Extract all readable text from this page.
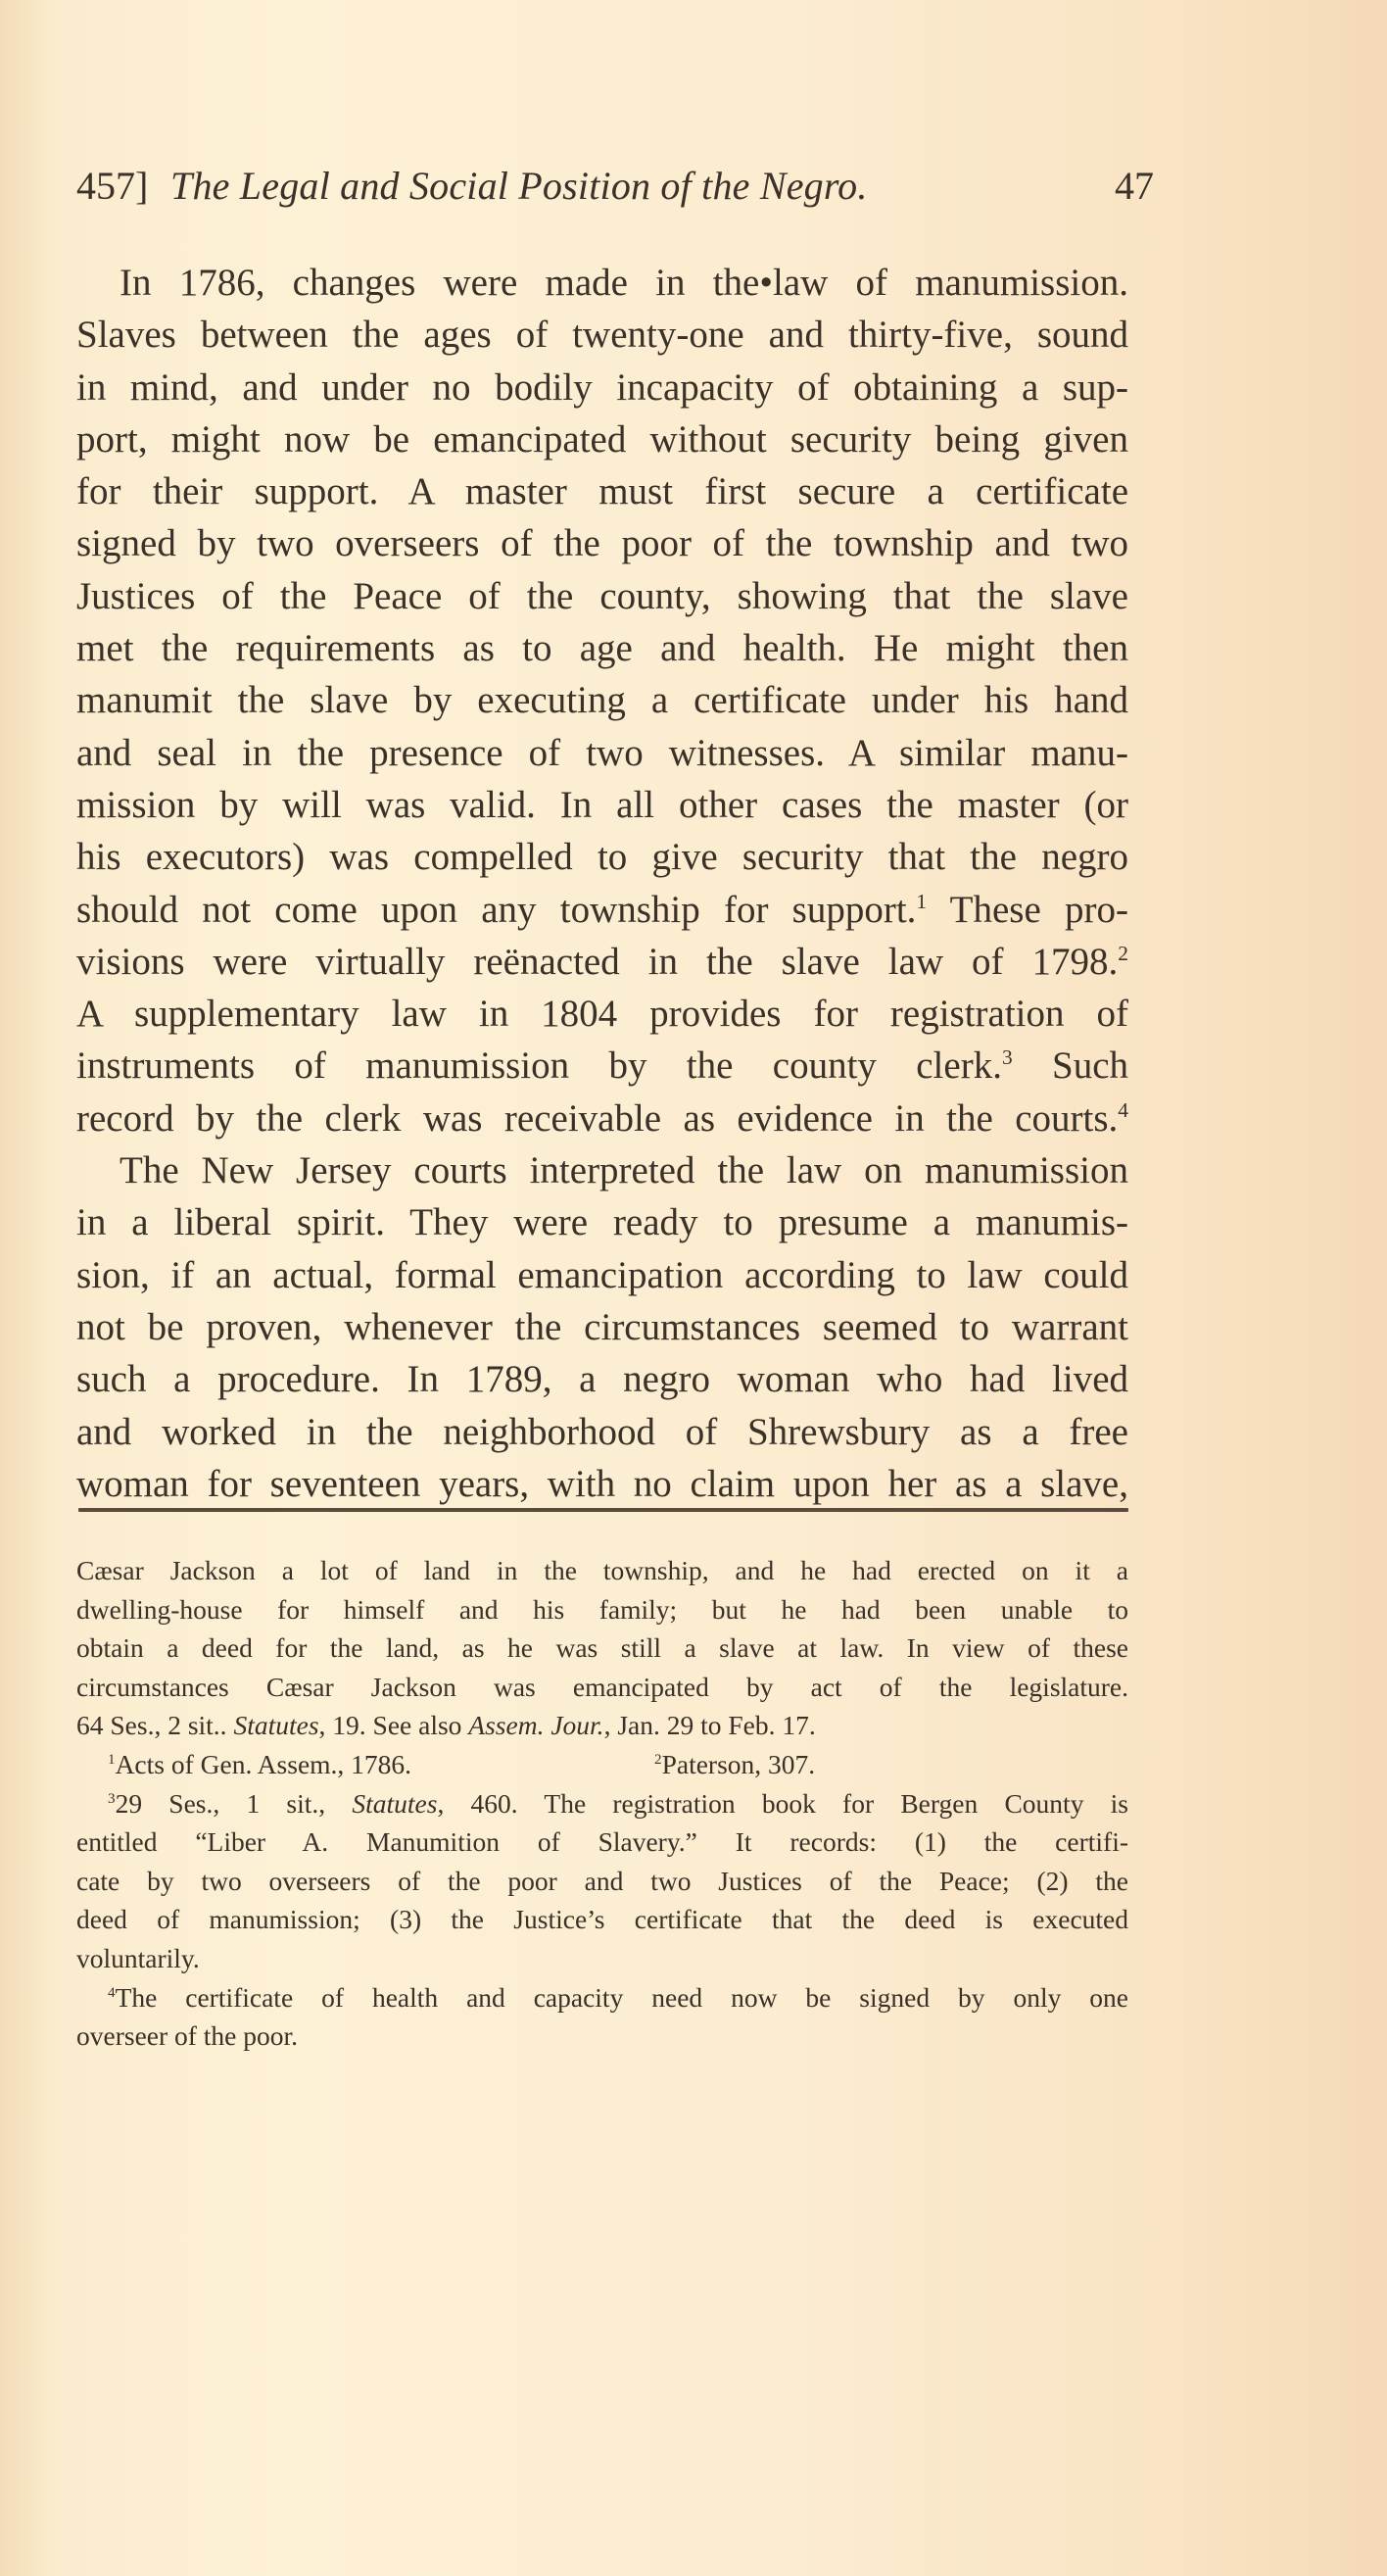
457] The Legal and Social Position of the Negro.	47
In 1786, changes were made in the•law of manumission.
Slaves between the ages of twenty-one and thirty-five, sound
in mind, and under no bodily incapacity of obtaining a sup-
port, might now be emancipated without security being given
for their support. A master must first secure a certificate
signed by two overseers of the poor of the township and two
Justices of the Peace of the county, showing that the slave
met the requirements as to age and health. He might then
manumit the slave by executing a certificate under his hand
and seal in the presence of two witnesses. A similar manu-
mission by will was valid. In all other cases the master (or
his executors) was compelled to give security that the negro
should not come upon any township for support.$^1$ These pro-
visions were virtually reënacted in the slave law of 1798.$^2$
A supplementary law in 1804 provides for registration of
instruments of manumission by the county clerk.$^3$ Such
record by the clerk was receivable as evidence in the courts.$^4$
The New Jersey courts interpreted the law on manumission
in a liberal spirit. They were ready to presume a manumis-
sion, if an actual, formal emancipation according to law could
not be proven, whenever the circumstances seemed to warrant
such a procedure. In 1789, a negro woman who had lived
and worked in the neighborhood of Shrewsbury as a free
woman for seventeen years, with no claim upon her as a slave,
Cæsar Jackson a lot of land in the township, and he had erected on it a
dwelling-house for himself and his family; but he had been unable to
obtain a deed for the land, as he was still a slave at law. In view of these
circumstances Cæsar Jackson was emancipated by act of the legislature.
64 Ses., 2 sit.. Statutes, 19. See also Assem. Jour., Jan. 29 to Feb. 17.
$^1$Acts of Gen. Assem., 1786.	$^2$Paterson, 307.
$^3$29 Ses., 1 sit., Statutes, 460. The registration book for Bergen County is
entitled “Liber A. Manumition of Slavery.” It records: (1) the certifi-
cate by two overseers of the poor and two Justices of the Peace; (2) the
deed of manumission; (3) the Justice’s certificate that the deed is executed
voluntarily.
$^4$The certificate of health and capacity need now be signed by only one
overseer of the poor.
